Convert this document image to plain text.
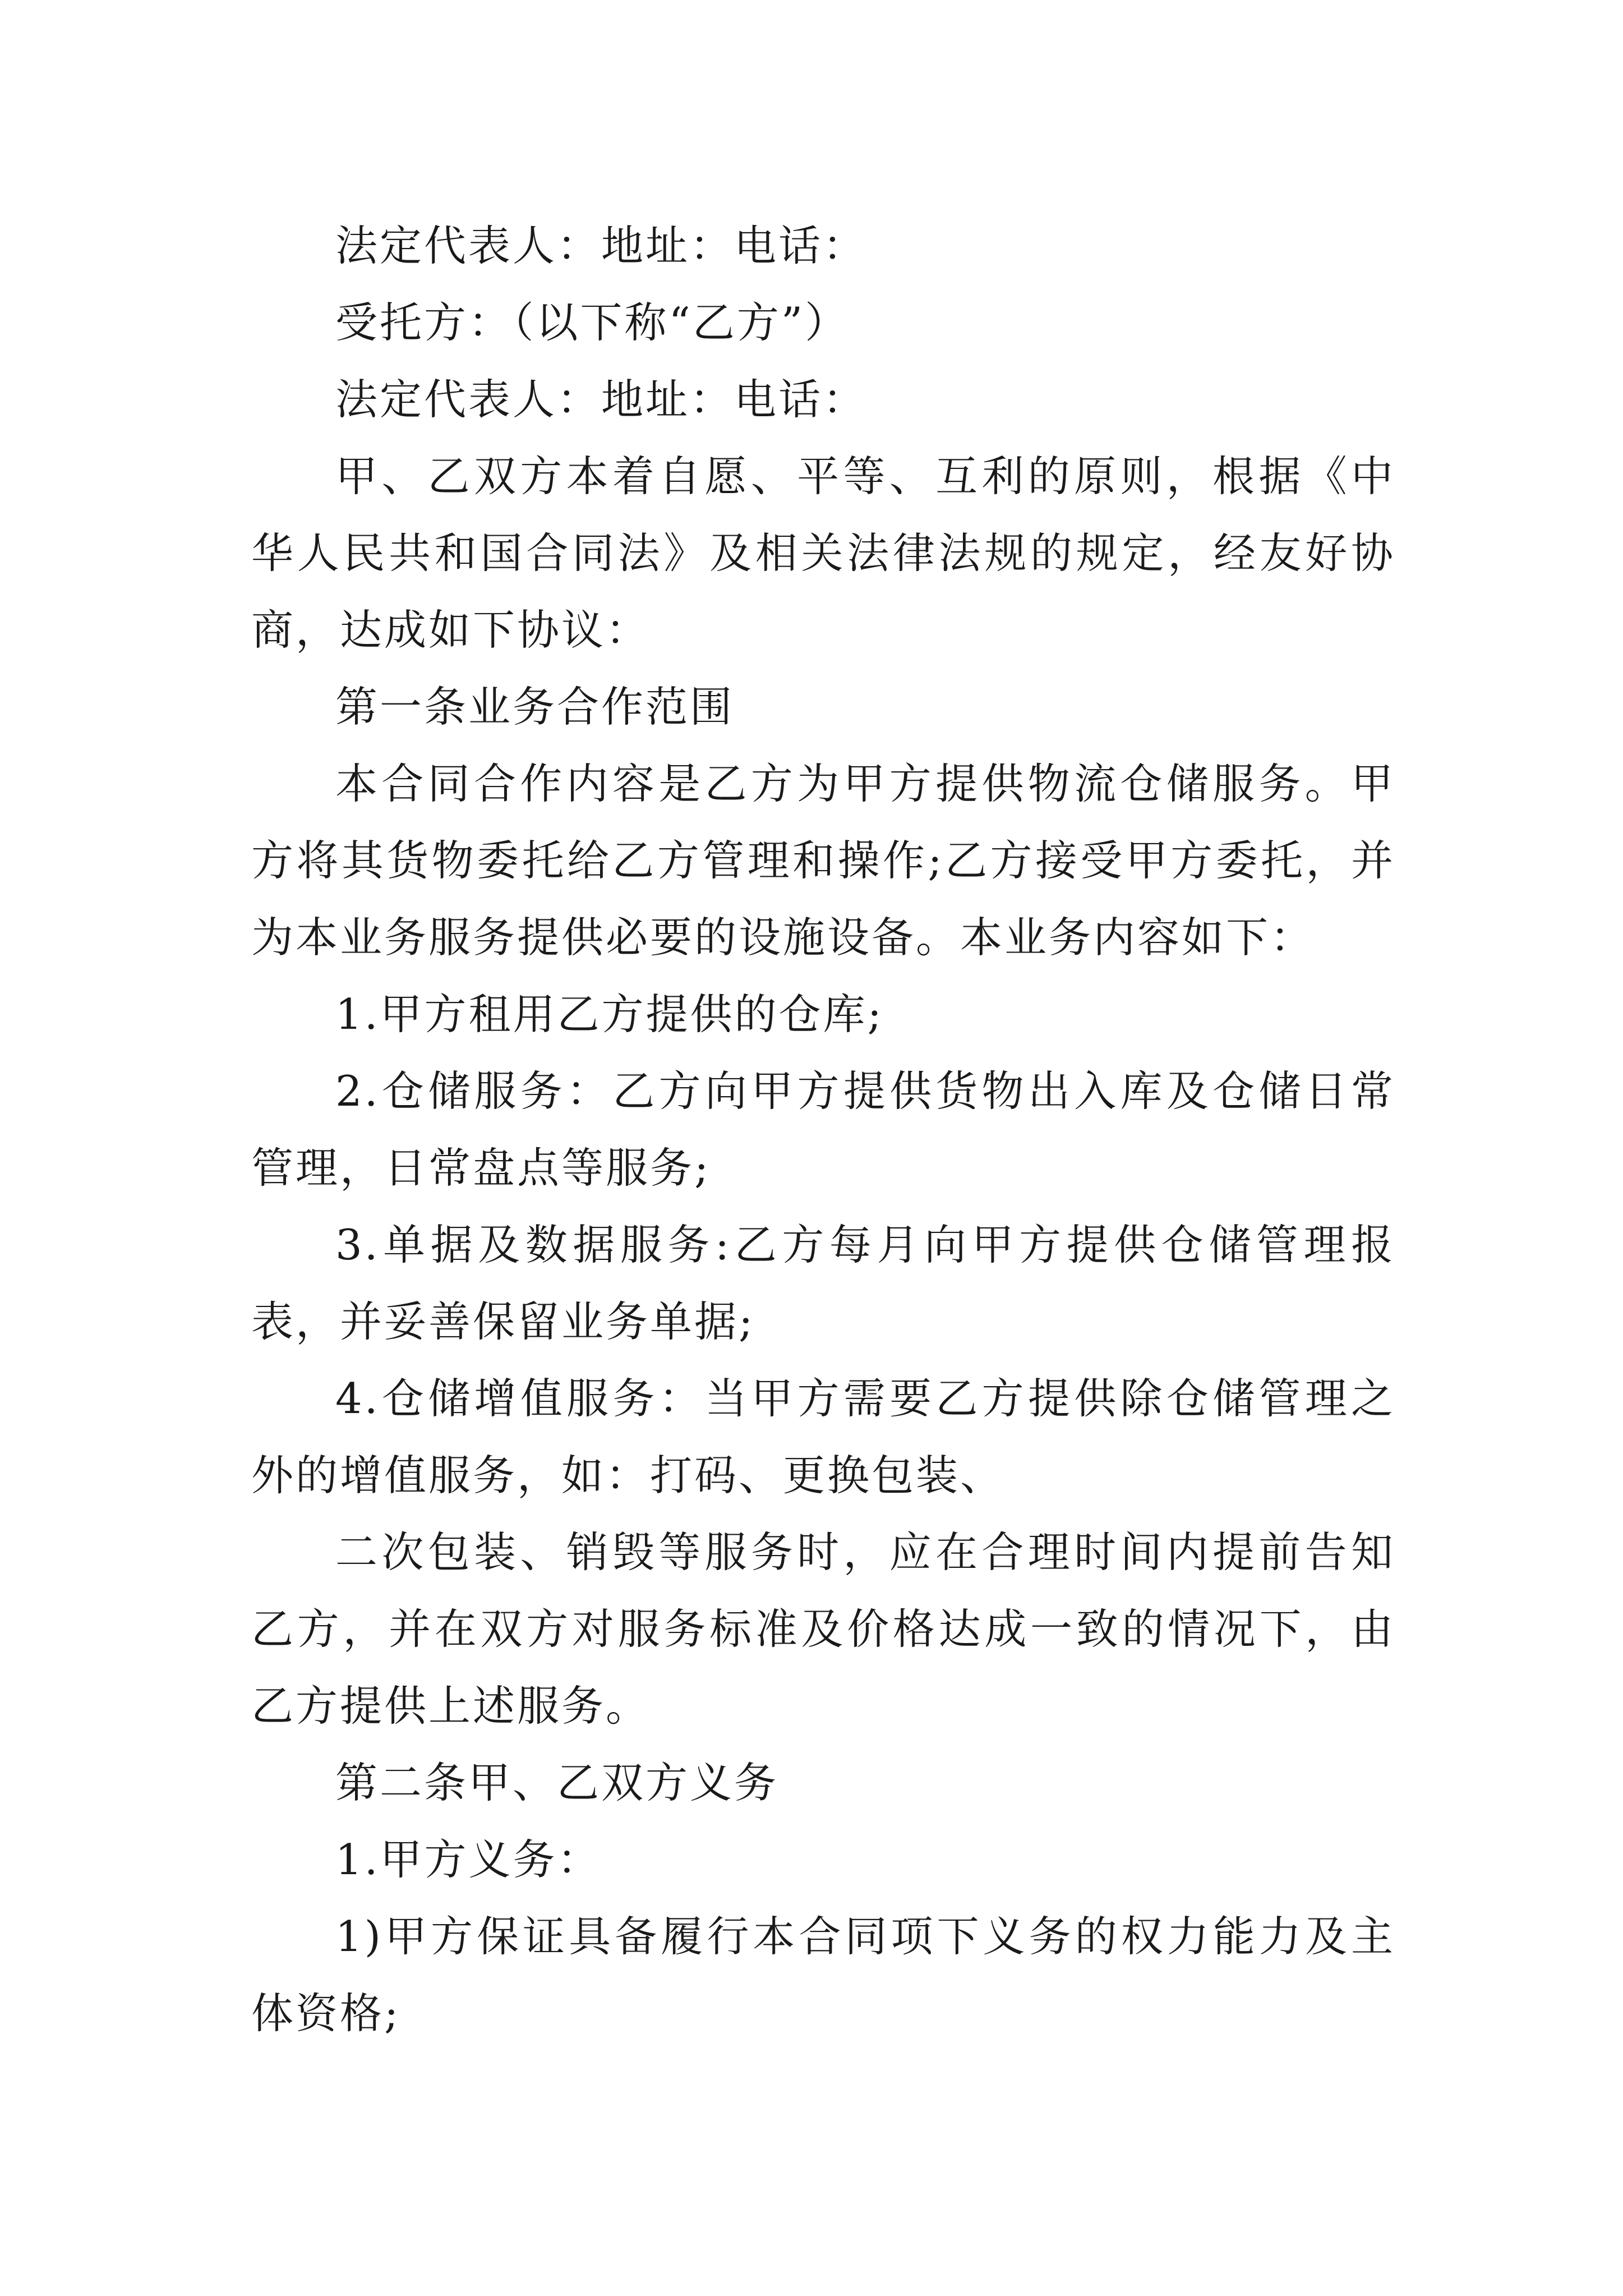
法定代表人：地址：电话：

受托方：（以下称“乙方”）

法定代表人：地址：电话：

甲、乙双方本着自愿、平等、互利的原则，根据《中华人民共和国合同法》及相关法律法规的规定，经友好协商，达成如下协议：

第一条业务合作范围

本合同合作内容是乙方为甲方提供物流仓储服务。甲方将其货物委托给乙方管理和操作;乙方接受甲方委托，并为本业务服务提供必要的设施设备。本业务内容如下：

1.甲方租用乙方提供的仓库;

2.仓储服务：乙方向甲方提供货物出入库及仓储日常管理，日常盘点等服务;

3.单据及数据服务:乙方每月向甲方提供仓储管理报表，并妥善保留业务单据;

4.仓储增值服务：当甲方需要乙方提供除仓储管理之外的增值服务，如：打码、更换包装、

二次包装、销毁等服务时，应在合理时间内提前告知乙方，并在双方对服务标准及价格达成一致的情况下，由乙方提供上述服务。

第二条甲、乙双方义务

1.甲方义务：

1)甲方保证具备履行本合同项下义务的权力能力及主体资格;
